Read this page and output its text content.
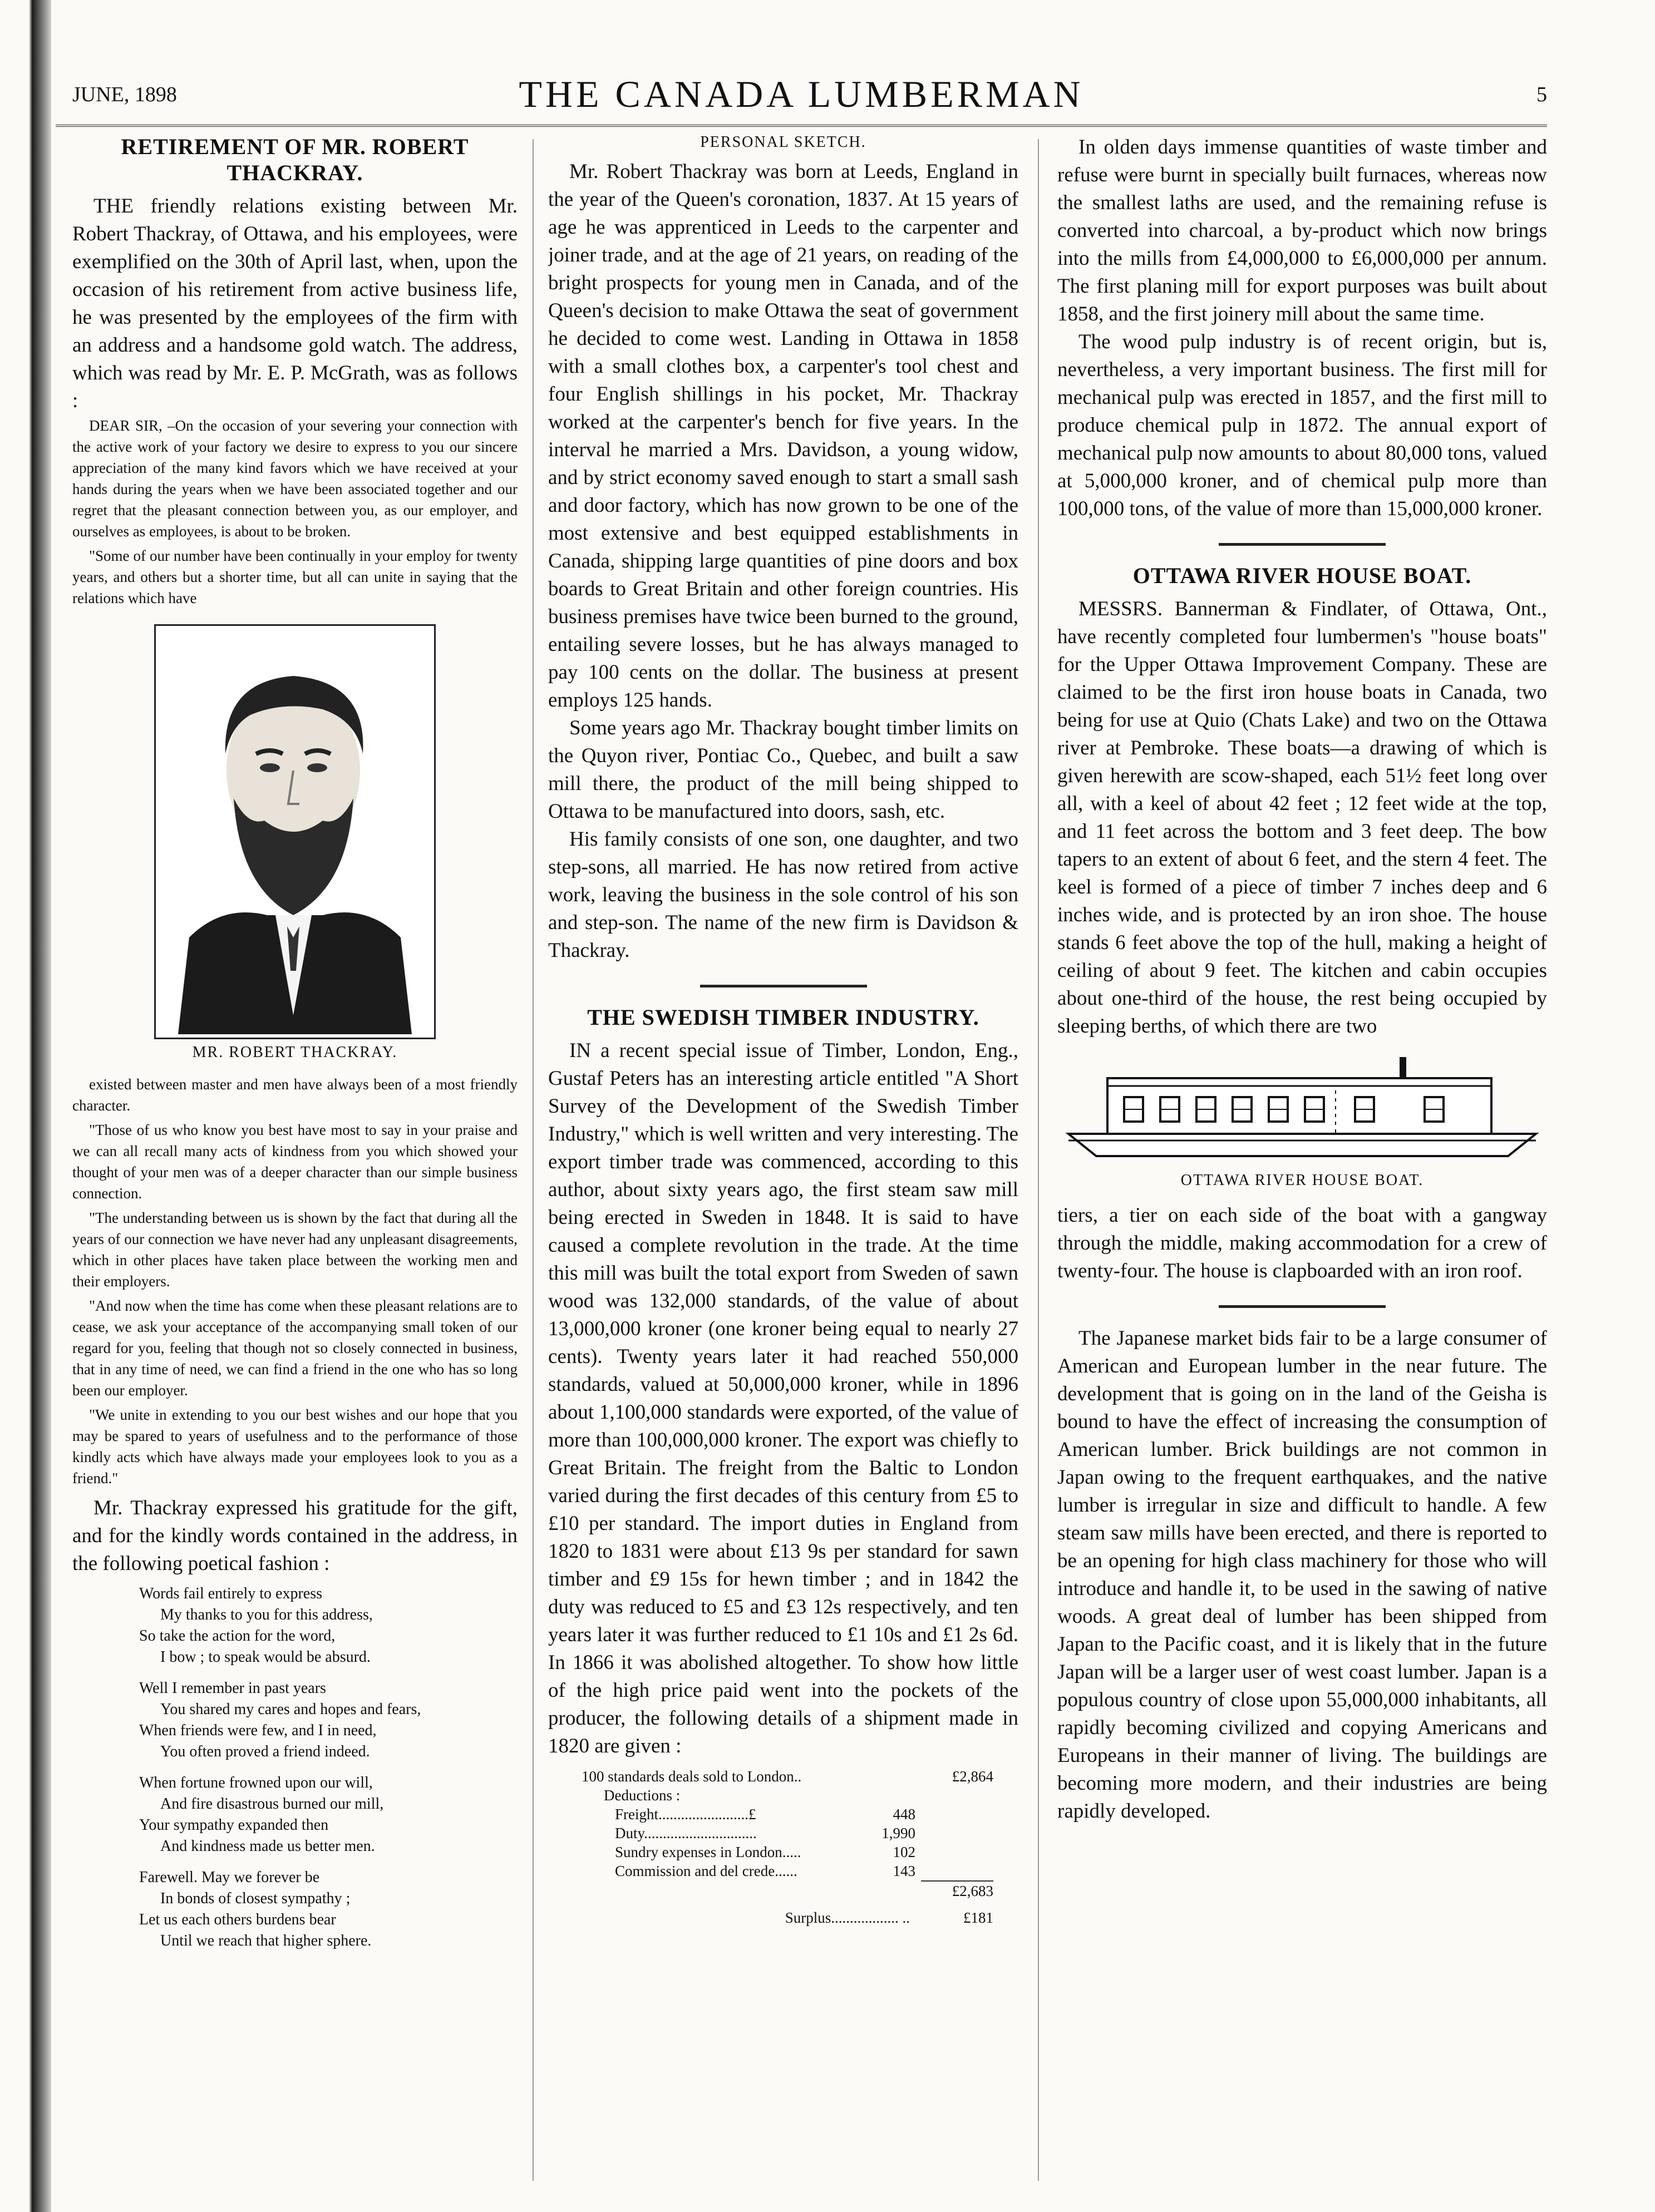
JUNE, 1898	THE CANADA LUMBERMAN	5
RETIREMENT OF MR. ROBERT THACKRAY.

THE friendly relations existing between Mr. Robert Thackray, of Ottawa, and his employees, were exemplified on the 30th of April last, when, upon the occasion of his retirement from active business life, he was presented by the employees of the firm with an address and a handsome gold watch. The address, which was read by Mr. E. P. McGrath, was as follows :

DEAR SIR, –On the occasion of your severing your connection with the active work of your factory we desire to express to you our sincere appreciation of the many kind favors which we have received at your hands during the years when we have been associated together and our regret that the pleasant connection between you, as our employer, and ourselves as employees, is about to be broken.

"Some of our number have been continually in your employ for twenty years, and others but a shorter time, but all can unite in saying that the relations which have

MR. ROBERT THACKRAY.

existed between master and men have always been of a most friendly character.

"Those of us who know you best have most to say in your praise and we can all recall many acts of kindness from you which showed your thought of your men was of a deeper character than our simple business connection.

"The understanding between us is shown by the fact that during all the years of our connection we have never had any unpleasant disagreements, which in other places have taken place between the working men and their employers.

"And now when the time has come when these pleasant relations are to cease, we ask your acceptance of the accompanying small token of our regard for you, feeling that though not so closely connected in business, that in any time of need, we can find a friend in the one who has so long been our employer.

"We unite in extending to you our best wishes and our hope that you may be spared to years of usefulness and to the performance of those kindly acts which have always made your employees look to you as a friend."

Mr. Thackray expressed his gratitude for the gift, and for the kindly words contained in the address, in the following poetical fashion :

Words fail entirely to express
My thanks to you for this address,
So take the action for the word,
I bow ; to speak would be absurd.
Well I remember in past years
You shared my cares and hopes and fears,
When friends were few, and I in need,
You often proved a friend indeed.
When fortune frowned upon our will,
And fire disastrous burned our mill,
Your sympathy expanded then
And kindness made us better men.
Farewell. May we forever be
In bonds of closest sympathy ;
Let us each others burdens bear
Until we reach that higher sphere.
PERSONAL SKETCH.

Mr. Robert Thackray was born at Leeds, England in the year of the Queen's coronation, 1837. At 15 years of age he was apprenticed in Leeds to the carpenter and joiner trade, and at the age of 21 years, on reading of the bright prospects for young men in Canada, and of the Queen's decision to make Ottawa the seat of government he decided to come west. Landing in Ottawa in 1858 with a small clothes box, a carpenter's tool chest and four English shillings in his pocket, Mr. Thackray worked at the carpenter's bench for five years. In the interval he married a Mrs. Davidson, a young widow, and by strict economy saved enough to start a small sash and door factory, which has now grown to be one of the most extensive and best equipped establishments in Canada, shipping large quantities of pine doors and box boards to Great Britain and other foreign countries. His business premises have twice been burned to the ground, entailing severe losses, but he has always managed to pay 100 cents on the dollar. The business at present employs 125 hands.

Some years ago Mr. Thackray bought timber limits on the Quyon river, Pontiac Co., Quebec, and built a saw mill there, the product of the mill being shipped to Ottawa to be manufactured into doors, sash, etc.

His family consists of one son, one daughter, and two step-sons, all married. He has now retired from active work, leaving the business in the sole control of his son and step-son. The name of the new firm is Davidson & Thackray.

THE SWEDISH TIMBER INDUSTRY.

IN a recent special issue of Timber, London, Eng., Gustaf Peters has an interesting article entitled "A Short Survey of the Development of the Swedish Timber Industry," which is well written and very interesting. The export timber trade was commenced, according to this author, about sixty years ago, the first steam saw mill being erected in Sweden in 1848. It is said to have caused a complete revolution in the trade. At the time this mill was built the total export from Sweden of sawn wood was 132,000 standards, of the value of about 13,000,000 kroner (one kroner being equal to nearly 27 cents). Twenty years later it had reached 550,000 standards, valued at 50,000,000 kroner, while in 1896 about 1,100,000 standards were exported, of the value of more than 100,000,000 kroner. The export was chiefly to Great Britain. The freight from the Baltic to London varied during the first decades of this century from £5 to £10 per standard. The import duties in England from 1820 to 1831 were about £13 9s per standard for sawn timber and £9 15s for hewn timber ; and in 1842 the duty was reduced to £5 and £3 12s respectively, and ten years later it was further reduced to £1 10s and £1 2s 6d. In 1866 it was abolished altogether. To show how little of the high price paid went into the pockets of the producer, the following details of a shipment made in 1820 are given :

100 standards deals sold to London..	£2,864
Deductions :
Freight........................£	448
Duty..............................	1,990
Sundry expenses in London.....	102
Commission and del crede......	143
£2,683
Surplus.................. ..	£181

In olden days immense quantities of waste timber and refuse were burnt in specially built furnaces, whereas now the smallest laths are used, and the remaining refuse is converted into charcoal, a by-product which now brings into the mills from £4,000,000 to £6,000,000 per annum. The first planing mill for export purposes was built about 1858, and the first joinery mill about the same time.

The wood pulp industry is of recent origin, but is, nevertheless, a very important business. The first mill for mechanical pulp was erected in 1857, and the first mill to produce chemical pulp in 1872. The annual export of mechanical pulp now amounts to about 80,000 tons, valued at 5,000,000 kroner, and of chemical pulp more than 100,000 tons, of the value of more than 15,000,000 kroner.

OTTAWA RIVER HOUSE BOAT.

MESSRS. Bannerman & Findlater, of Ottawa, Ont., have recently completed four lumbermen's "house boats" for the Upper Ottawa Improvement Company. These are claimed to be the first iron house boats in Canada, two being for use at Quio (Chats Lake) and two on the Ottawa river at Pembroke. These boats—a drawing of which is given herewith are scow-shaped, each 51½ feet long over all, with a keel of about 42 feet ; 12 feet wide at the top, and 11 feet across the bottom and 3 feet deep. The bow tapers to an extent of about 6 feet, and the stern 4 feet. The keel is formed of a piece of timber 7 inches deep and 6 inches wide, and is protected by an iron shoe. The house stands 6 feet above the top of the hull, making a height of ceiling of about 9 feet. The kitchen and cabin occupies about one-third of the house, the rest being occupied by sleeping berths, of which there are two

OTTAWA RIVER HOUSE BOAT.

tiers, a tier on each side of the boat with a gangway through the middle, making accommodation for a crew of twenty-four. The house is clapboarded with an iron roof.

The Japanese market bids fair to be a large consumer of American and European lumber in the near future. The development that is going on in the land of the Geisha is bound to have the effect of increasing the consumption of American lumber. Brick buildings are not common in Japan owing to the frequent earthquakes, and the native lumber is irregular in size and difficult to handle. A few steam saw mills have been erected, and there is reported to be an opening for high class machinery for those who will introduce and handle it, to be used in the sawing of native woods. A great deal of lumber has been shipped from Japan to the Pacific coast, and it is likely that in the future Japan will be a larger user of west coast lumber. Japan is a populous country of close upon 55,000,000 inhabitants, all rapidly becoming civilized and copying Americans and Europeans in their manner of living. The buildings are becoming more modern, and their industries are being rapidly developed.
